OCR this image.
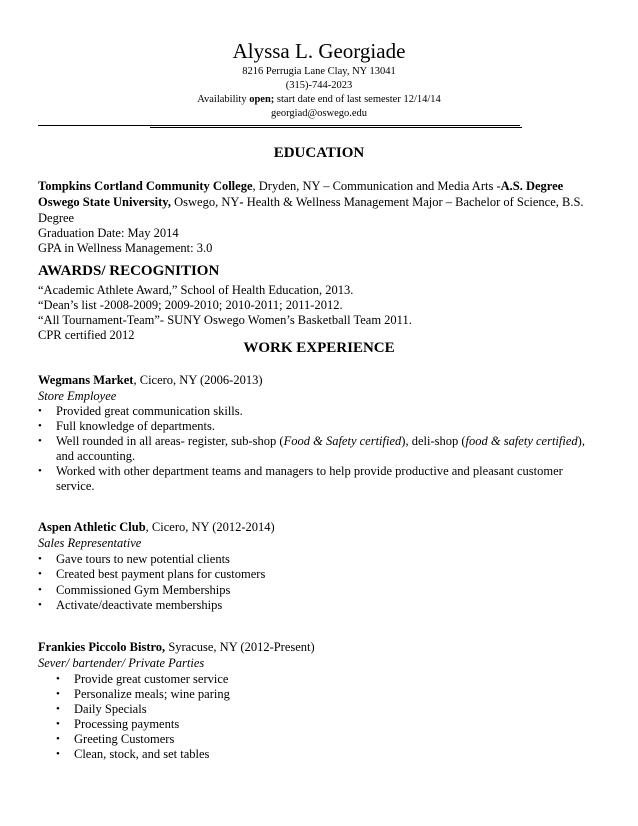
Alyssa L. Georgiade
8216 Perrugia Lane Clay, NY 13041
(315)-744-2023
Availability open; start date end of last semester 12/14/14
georgiad@oswego.edu
EDUCATION
Tompkins Cortland Community College, Dryden, NY – Communication and Media Arts -A.S. Degree
Oswego State University, Oswego, NY- Health & Wellness Management Major – Bachelor of Science, B.S.
Degree
Graduation Date: May 2014
GPA in Wellness Management: 3.0
AWARDS/ RECOGNITION
“Academic Athlete Award,” School of Health Education, 2013.
“Dean’s list -2008-2009; 2009-2010; 2010-2011; 2011-2012.
“All Tournament-Team”- SUNY Oswego Women’s Basketball Team 2011.
CPR certified 2012
WORK EXPERIENCE
Wegmans Market, Cicero, NY (2006-2013)
Store Employee
• Provided great communication skills.
• Full knowledge of departments.
• Well rounded in all areas- register, sub-shop (Food & Safety certified), deli-shop (food & safety certified),
and accounting.
• Worked with other department teams and managers to help provide productive and pleasant customer
service.
Aspen Athletic Club, Cicero, NY (2012-2014)
Sales Representative
• Gave tours to new potential clients
• Created best payment plans for customers
• Commissioned Gym Memberships
• Activate/deactivate memberships
Frankies Piccolo Bistro, Syracuse, NY (2012-Present)
Sever/ bartender/ Private Parties
• Provide great customer service
• Personalize meals; wine paring
• Daily Specials
• Processing payments
• Greeting Customers
• Clean, stock, and set tables
